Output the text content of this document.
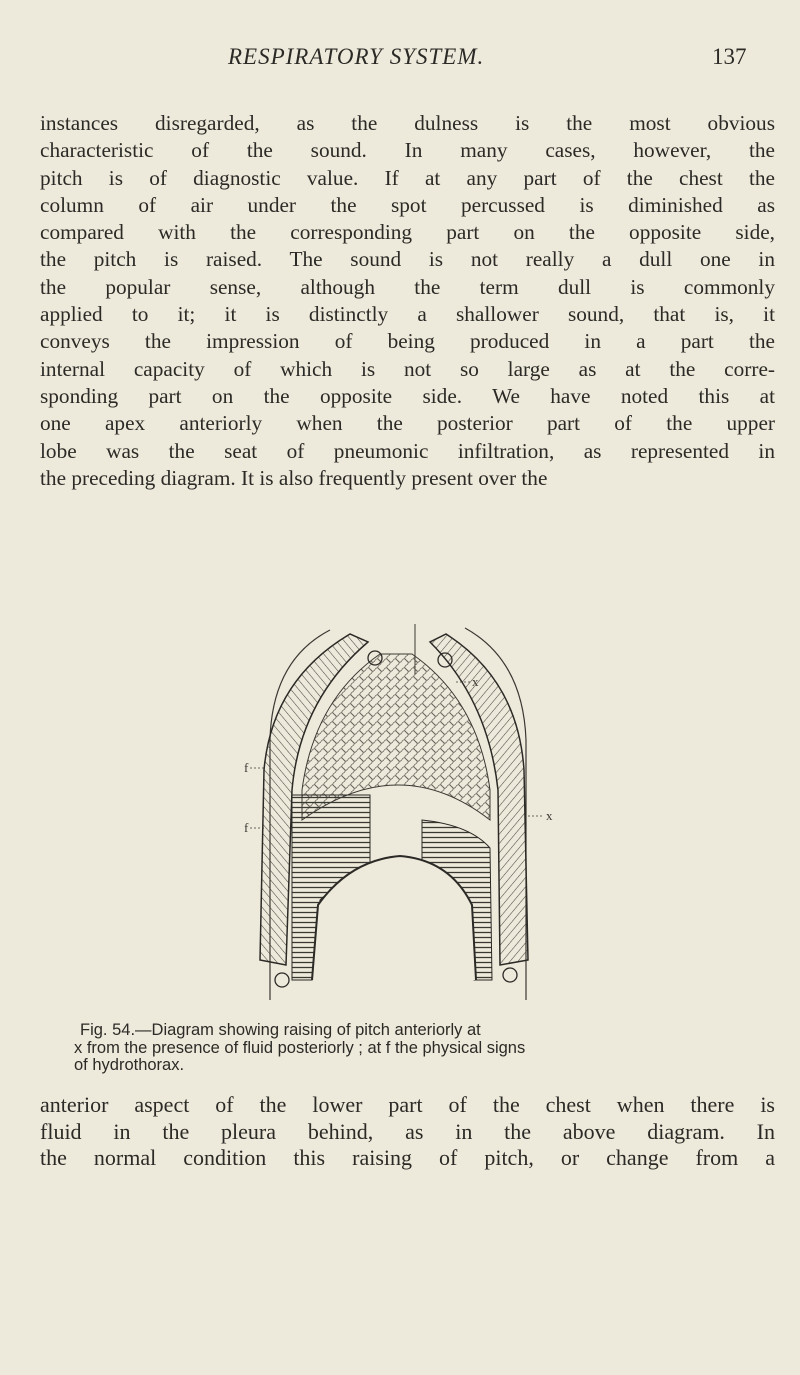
RESPIRATORY SYSTEM.	137

instances disregarded, as the dulness is the most obvious
characteristic of the sound. In many cases, however, the
pitch is of diagnostic value. If at any part of the chest the
column of air under the spot percussed is diminished as
compared with the corresponding part on the opposite side,
the pitch is raised. The sound is not really a dull one in
the popular sense, although the term dull is commonly
applied to it; it is distinctly a shallower sound, that is, it
conveys the impression of being produced in a part the
internal capacity of which is not so large as at the corre-
sponding part on the opposite side. We have noted this at
one apex anteriorly when the posterior part of the upper
lobe was the seat of pneumonic infiltration, as represented in
the preceding diagram. It is also frequently present over the

x
x
f
f
Fig. 54.—Diagram showing raising of pitch anteriorly at
x from the presence of fluid posteriorly ; at f the physical signs
of hydrothorax.

anterior aspect of the lower part of the chest when there is
fluid in the pleura behind, as in the above diagram. In
the normal condition this raising of pitch, or change from a
